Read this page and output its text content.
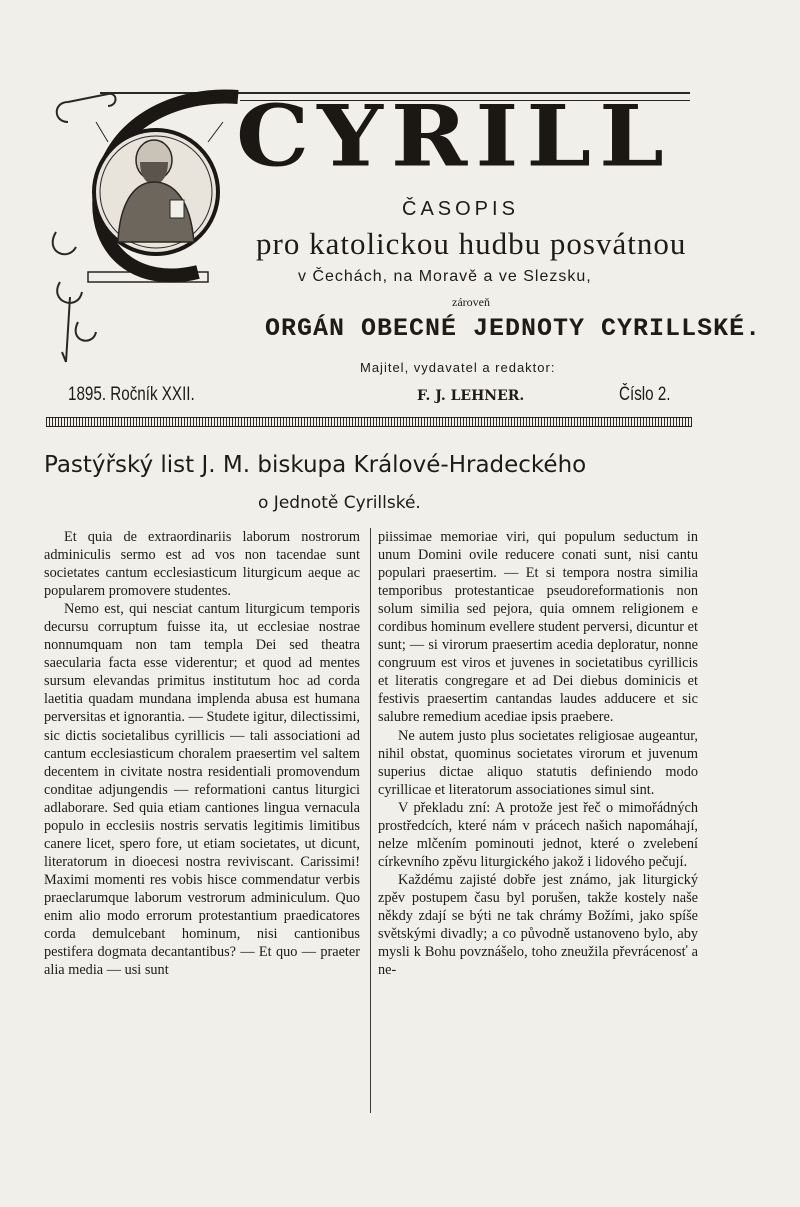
CYRILL
ČASOPIS
pro katolickou hudbu posvátnou
v Čechách, na Moravě a ve Slezsku,
zároveň
ORGÁN OBECNÉ JEDNOTY CYRILLSKÉ.
Majitel, vydavatel a redaktor:
1895. Ročník XXII.	F. J. LEHNER.	Číslo 2.
Pastýřský list J. M. biskupa Králové-Hradeckého
o Jednotě Cyrillské.

Et quia de extraordinariis laborum nostrorum adminiculis sermo est ad vos non tacendae sunt societates cantum ecclesiasticum liturgicum aeque ac popularem promovere studentes.

Nemo est, qui nesciat cantum liturgicum temporis decursu corruptum fuisse ita, ut ecclesiae nostrae nonnumquam non tam templa Dei sed theatra saecularia facta esse viderentur; et quod ad mentes sursum elevandas primitus institutum hoc ad corda laetitia quadam mundana implenda abusa est humana perversitas et ignorantia. — Studete igitur, dilectissimi, sic dictis societalibus cyrillicis — tali associationi ad cantum ecclesiasticum choralem praesertim vel saltem decentem in civitate nostra residentiali promovendum conditae adjungendis — reformationi cantus liturgici adlaborare. Sed quia etiam cantiones lingua vernacula populo in ecclesiis nostris servatis legitimis limitibus canere licet, spero fore, ut etiam societates, ut dicunt, literatorum in dioecesi nostra reviviscant. Carissimi! Maximi momenti res vobis hisce commendatur verbis praeclarumque laborum vestrorum adminiculum. Quo enim alio modo errorum protestantium praedicatores corda demulcebant hominum, nisi cantionibus pestifera dogmata decantantibus? — Et quo — praeter alia media — usi sunt

piissimae memoriae viri, qui populum seductum in unum Domini ovile reducere conati sunt, nisi cantu populari praesertim. — Et si tempora nostra similia temporibus protestanticae pseudoreformationis non solum similia sed pejora, quia omnem religionem e cordibus hominum evellere student perversi, dicuntur et sunt; — si virorum praesertim acedia deploratur, nonne congruum est viros et juvenes in societatibus cyrillicis et literatis congregare et ad Dei diebus dominicis et festivis praesertim cantandas laudes adducere et sic salubre remedium acediae ipsis praebere.

Ne autem justo plus societates religiosae augeantur, nihil obstat, quominus societates virorum et juvenum superius dictae aliquo statutis definiendo modo cyrillicae et literatorum associationes simul sint.

V překladu zní: A protože jest řeč o mimořádných prostředcích, které nám v prácech našich napomáhají, nelze mlčením pominouti jednot, které o zvelebení církevního zpěvu liturgického jakož i lidového pečují.

Každému zajisté dobře jest známo, jak liturgický zpěv postupem času byl porušen, takže kostely naše někdy zdají se býti ne tak chrámy Božími, jako spíše světskými divadly; a co původně ustanoveno bylo, aby mysli k Bohu povznášelo, toho zneužila převrácenosť a ne-
